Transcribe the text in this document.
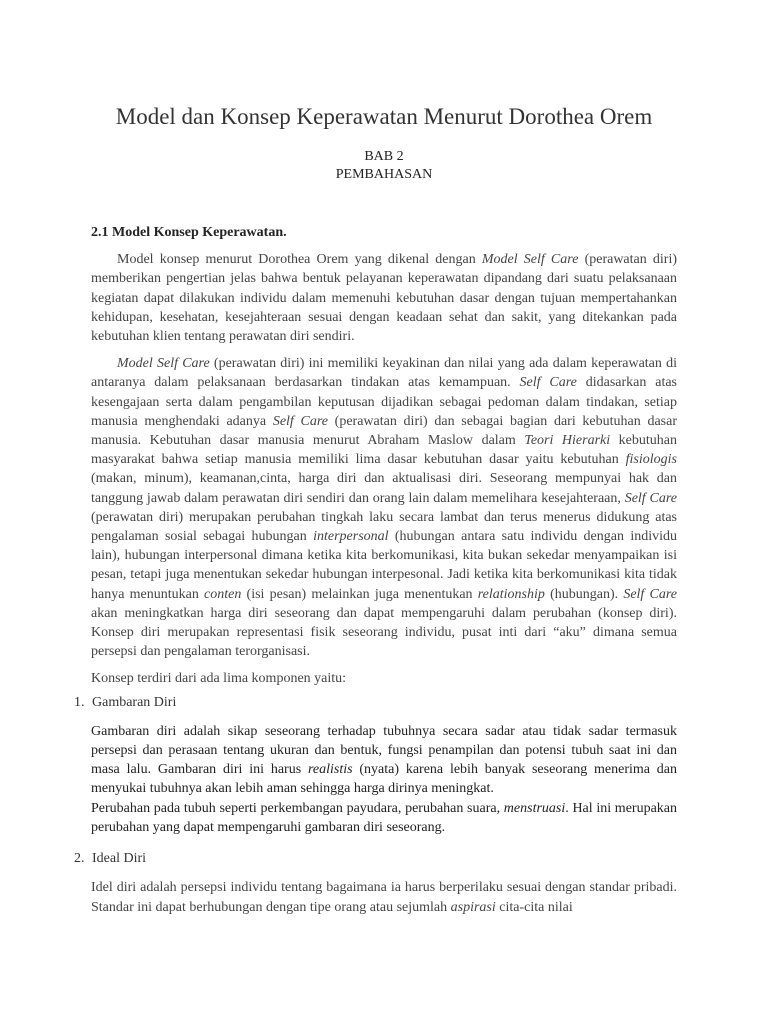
Model dan Konsep Keperawatan Menurut Dorothea Orem
BAB 2
PEMBAHASAN
2.1 Model Konsep Keperawatan.

Model konsep menurut Dorothea Orem yang dikenal dengan Model Self Care (perawatan diri) memberikan pengertian jelas bahwa bentuk pelayanan keperawatan dipandang dari suatu pelaksanaan kegiatan dapat dilakukan individu dalam memenuhi kebutuhan dasar dengan tujuan mempertahankan kehidupan, kesehatan, kesejahteraan sesuai dengan keadaan sehat dan sakit, yang ditekankan pada kebutuhan klien tentang perawatan diri sendiri.

Model Self Care (perawatan diri) ini memiliki keyakinan dan nilai yang ada dalam keperawatan di antaranya dalam pelaksanaan berdasarkan tindakan atas kemampuan. Self Care didasarkan atas kesengajaan serta dalam pengambilan keputusan dijadikan sebagai pedoman dalam tindakan, setiap manusia menghendaki adanya Self Care (perawatan diri) dan sebagai bagian dari kebutuhan dasar manusia. Kebutuhan dasar manusia menurut Abraham Maslow dalam Teori Hierarki kebutuhan masyarakat bahwa setiap manusia memiliki lima dasar kebutuhan dasar yaitu kebutuhan fisiologis (makan, minum), keamanan,cinta, harga diri dan aktualisasi diri. Seseorang mempunyai hak dan tanggung jawab dalam perawatan diri sendiri dan orang lain dalam memelihara kesejahteraan, Self Care (perawatan diri) merupakan perubahan tingkah laku secara lambat dan terus menerus didukung atas pengalaman sosial sebagai hubungan interpersonal (hubungan antara satu individu dengan individu lain), hubungan interpersonal dimana ketika kita berkomunikasi, kita bukan sekedar menyampaikan isi pesan, tetapi juga menentukan sekedar hubungan interpesonal. Jadi ketika kita berkomunikasi kita tidak hanya menuntukan conten (isi pesan) melainkan juga menentukan relationship (hubungan). Self Care akan meningkatkan harga diri seseorang dan dapat mempengaruhi dalam perubahan (konsep diri). Konsep diri merupakan representasi fisik seseorang individu, pusat inti dari “aku” dimana semua persepsi dan pengalaman terorganisasi.

Konsep terdiri dari ada lima komponen yaitu:

1. Gambaran Diri
Gambaran diri adalah sikap seseorang terhadap tubuhnya secara sadar atau tidak sadar termasuk persepsi dan perasaan tentang ukuran dan bentuk, fungsi penampilan dan potensi tubuh saat ini dan masa lalu. Gambaran diri ini harus realistis (nyata) karena lebih banyak seseorang menerima dan menyukai tubuhnya akan lebih aman sehingga harga dirinya meningkat.
Perubahan pada tubuh seperti perkembangan payudara, perubahan suara, menstruasi. Hal ini merupakan perubahan yang dapat mempengaruhi gambaran diri seseorang.
2. Ideal Diri
Idel diri adalah persepsi individu tentang bagaimana ia harus berperilaku sesuai dengan standar pribadi. Standar ini dapat berhubungan dengan tipe orang atau sejumlah aspirasi cita-cita nilai
